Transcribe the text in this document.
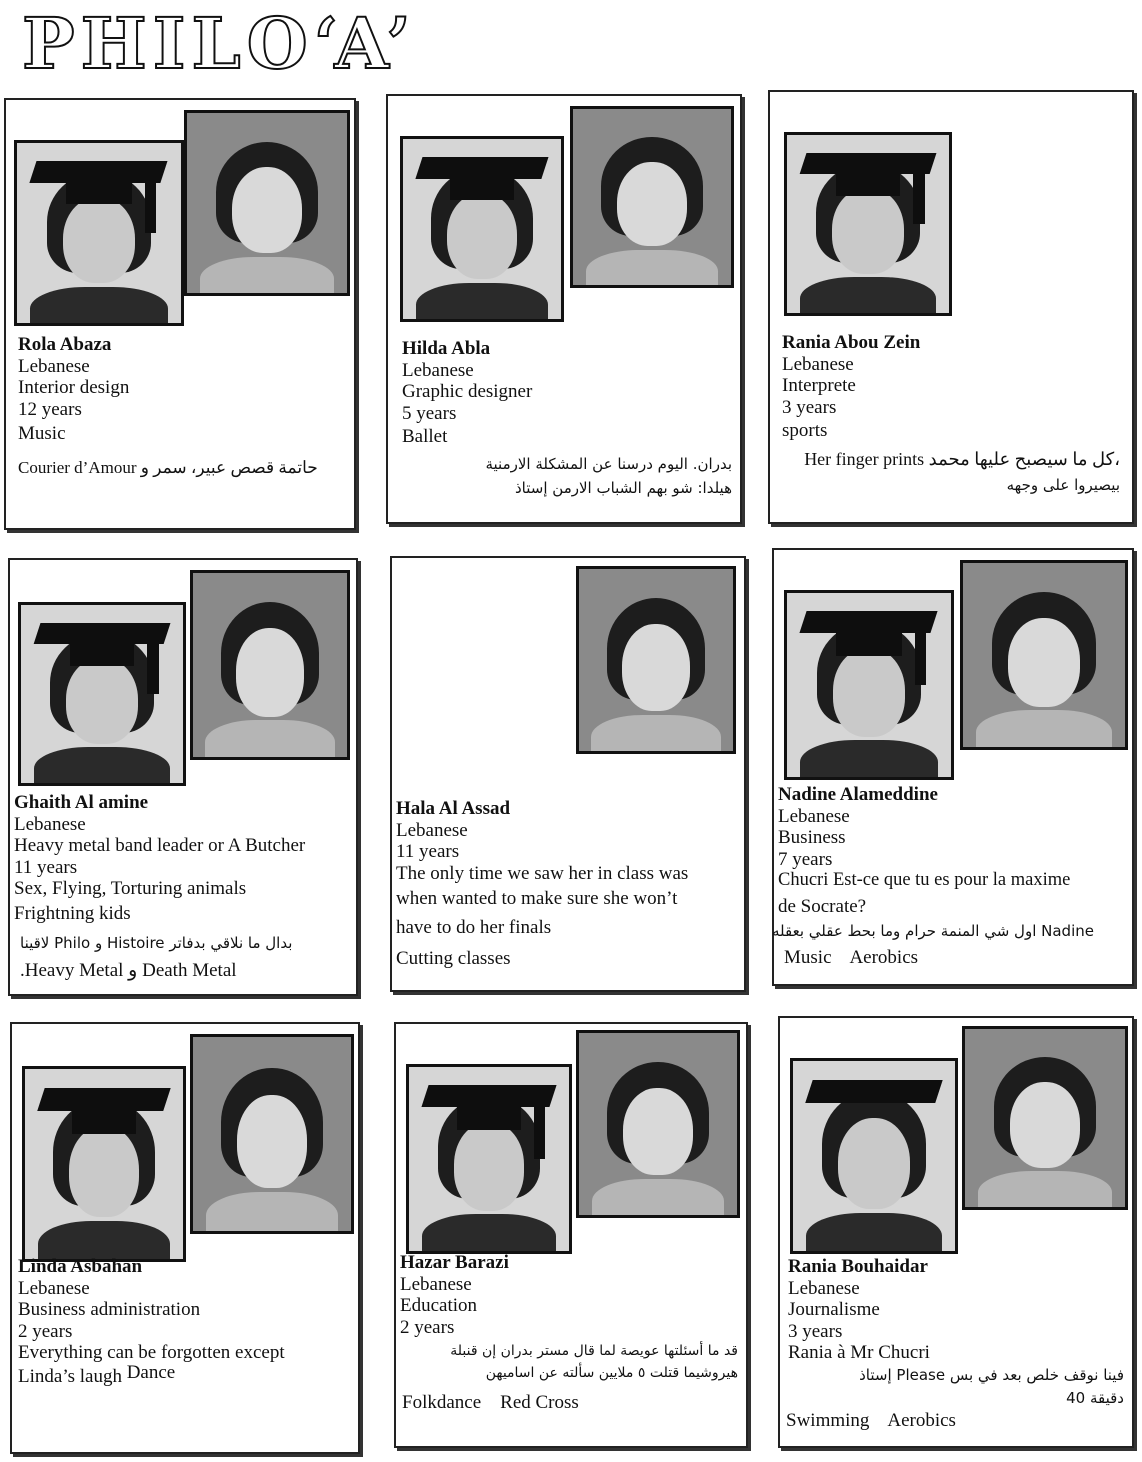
PHILO‘A’
Rola Abaza
Lebanese
Interior design
12 years
Music
Courier d’Amour حاتمة قصص عبير، سمر و
Hilda Abla
Lebanese
Graphic designer
5 years
Ballet
بدران. اليوم درسنا عن المشكلة الارمنية
هيلدا: شو بهم الشباب الارمن إستاذ
Rania Abou Zein
Lebanese
Interprete
3 years
sports
Her finger prints كل ما سيصبح عليها محمد،
بيصيروا على وجهه
Ghaith Al amine
Lebanese
Heavy metal band leader or A Butcher
11 years
Sex, Flying, Torturing animals
Frightning kids
بدال ما نلاقي بدفاتر Histoire و Philo لاقينا
.Heavy Metal و Death Metal
Hala Al Assad
Lebanese
11 years
The only time we saw her in class was
when wanted to make sure she won’t
have to do her finals
Cutting classes
Nadine Alameddine
Lebanese
Business
7 years
Chucri Est-ce que tu es pour la maxime
de Socrate?
اول شي المنمة حرام وما بحط عقلي بعقله Nadine
Music    Aerobics
Linda Asbahan
Lebanese
Business administration
2 years
Everything can be forgotten except
Linda’s laugh Dance
Hazar Barazi
Lebanese
Education
2 years
قد ما أسئلتها عويصة لما قال مستر بدران إن قنبلة
هيروشيما قتلت ٥ ملايين سألته عن اساميهن
Folkdance    Red Cross
Rania Bouhaidar
Lebanese
Journalisme
3 years
Rania à Mr Chucri
إستاذ Please فينا نوقف خلص بعد في بس
40 دقيقة
Swimming    Aerobics
